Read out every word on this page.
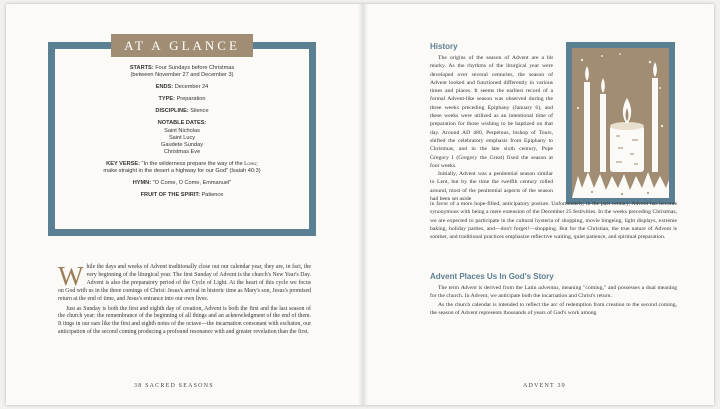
AT A GLANCE
STARTS: Four Sundays before Christmas
(between November 27 and December 3)
ENDS: December 24
TYPE: Preparation
DISCIPLINE: Silence
NOTABLE DATES:
Saint Nicholas
Saint Lucy
Gaudete Sunday
Christmas Eve
KEY VERSE: "In the wilderness prepare the way of the Lord;
make straight in the desert a highway for our God" (Isaiah 40:3)
HYMN: "O Come, O Come, Emmanuel"
FRUIT OF THE SPIRIT: Patience

While the days and weeks of Advent traditionally close out our calendar year, they are, in fact, the very beginning of the liturgical year. The first Sunday of Advent is the church's New Year's Day. Advent is also the preparatory period of the Cycle of Light. At the heart of this cycle we focus on God with us in the three comings of Christ: Jesus's arrival in historic time as Mary's son, Jesus's promised return at the end of time, and Jesus's entrance into our own lives.

Just as Sunday is both the first and eighth day of creation, Advent is both the first and the last season of the church year: the remembrance of the beginning of all things and an acknowledgment of the end of them. It tings in our ears like the first and eighth notes of the octave—the incarnation consonant with eschaton, our anticipation of the second coming producing a profound resonance with and greater revelation than the first.

38 SACRED SEASONS
History

The origins of the season of Advent are a bit murky. As the rhythms of the liturgical year were developed over several centuries, the season of Advent looked and functioned differently in various times and places. It seems the earliest record of a formal Advent-like season was observed during the three weeks preceding Epiphany (January 6), and these weeks were utilized as an intentional time of preparation for those wishing to be baptized on that day. Around AD 480, Perpetuus, bishop of Tours, shifted the celebratory emphasis from Epiphany to Christmas, and in the late sixth century, Pope Gregory I (Gregory the Great) fixed the season at four weeks.

Initially, Advent was a penitential season similar to Lent, but by the time the twelfth century rolled around, most of the penitential aspects of the season had been set aside

in favor of a more hope-filled, anticipatory posture. Unfortunately, in the past century, Advent has become synonymous with being a mere extension of the December 25 festivities. In the weeks preceding Christmas, we are expected to participate in the cultural hysteria of shopping, movie bingeing, light displays, extreme baking, holiday parties, and—don't forget!—shopping. But for the Christian, the true nature of Advent is somber, and traditional practices emphasize reflective waiting, quiet patience, and spiritual preparation.

Advent Places Us In God's Story

The term Advent is derived from the Latin adventus, meaning "coming," and possesses a dual meaning for the church. In Advent, we anticipate both the incarnation and Christ's return.

As the church calendar is intended to reflect the arc of redemption from creation to the second coming, the season of Advent represents thousands of years of God's work among

ADVENT 39
